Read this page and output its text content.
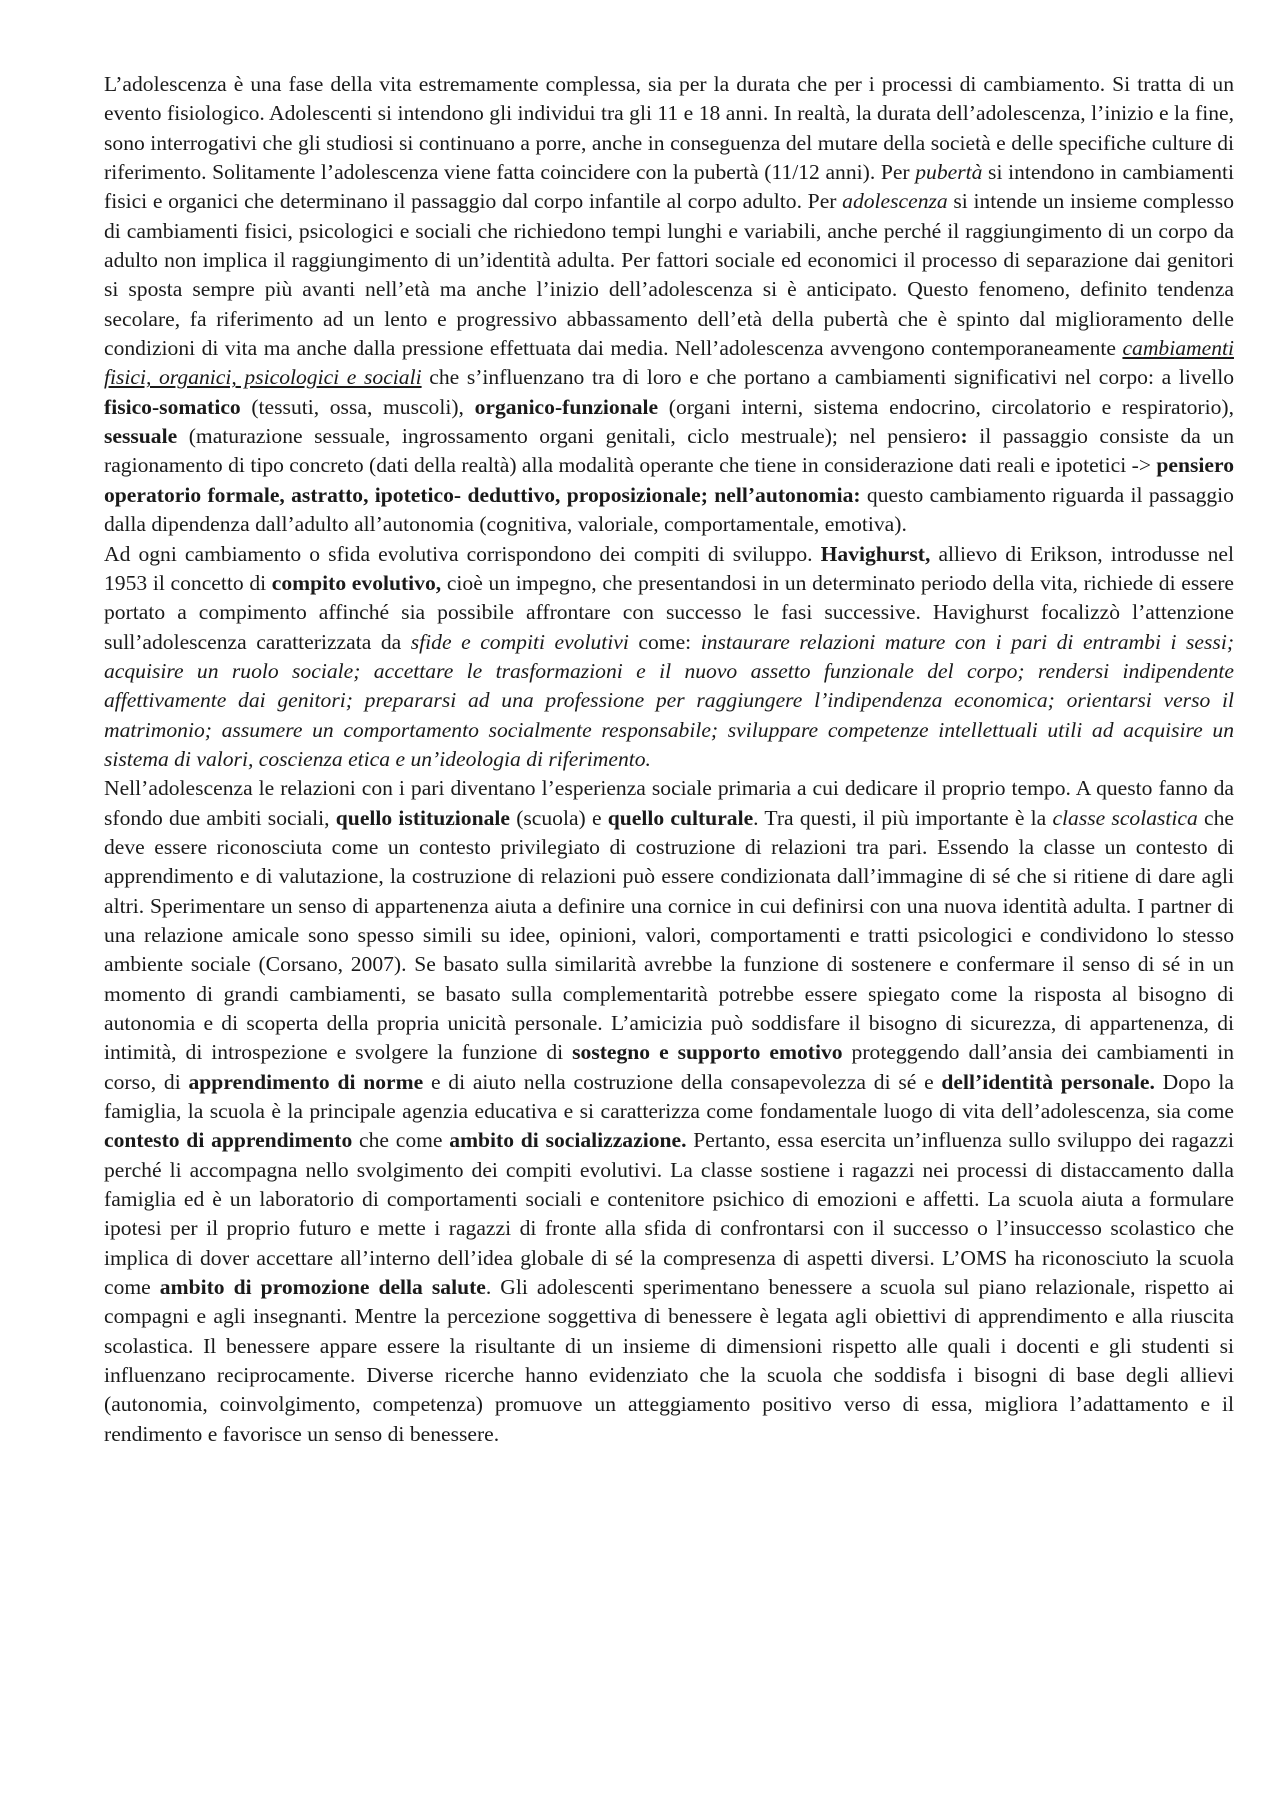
L’adolescenza è una fase della vita estremamente complessa, sia per la durata che per i processi di cambiamento. Si tratta di un evento fisiologico. Adolescenti si intendono gli individui tra gli 11 e 18 anni. In realtà, la durata dell’adolescenza, l’inizio e la fine, sono interrogativi che gli studiosi si continuano a porre, anche in conseguenza del mutare della società e delle specifiche culture di riferimento. Solitamente l’adolescenza viene fatta coincidere con la pubertà (11/12 anni). Per pubertà si intendono in cambiamenti fisici e organici che determinano il passaggio dal corpo infantile al corpo adulto. Per adolescenza si intende un insieme complesso di cambiamenti fisici, psicologici e sociali che richiedono tempi lunghi e variabili, anche perché il raggiungimento di un corpo da adulto non implica il raggiungimento di un’identità adulta. Per fattori sociale ed economici il processo di separazione dai genitori si sposta sempre più avanti nell’età ma anche l’inizio dell’adolescenza si è anticipato. Questo fenomeno, definito tendenza secolare, fa riferimento ad un lento e progressivo abbassamento dell’età della pubertà che è spinto dal miglioramento delle condizioni di vita ma anche dalla pressione effettuata dai media. Nell’adolescenza avvengono contemporaneamente cambiamenti fisici, organici, psicologici e sociali che s’influenzano tra di loro e che portano a cambiamenti significativi nel corpo: a livello fisico-somatico (tessuti, ossa, muscoli), organico-funzionale (organi interni, sistema endocrino, circolatorio e respiratorio), sessuale (maturazione sessuale, ingrossamento organi genitali, ciclo mestruale); nel pensiero: il passaggio consiste da un ragionamento di tipo concreto (dati della realtà) alla modalità operante che tiene in considerazione dati reali e ipotetici -> pensiero operatorio formale, astratto, ipotetico- deduttivo, proposizionale; nell’autonomia: questo cambiamento riguarda il passaggio dalla dipendenza dall’adulto all’autonomia (cognitiva, valoriale, comportamentale, emotiva).

Ad ogni cambiamento o sfida evolutiva corrispondono dei compiti di sviluppo. Havighurst, allievo di Erikson, introdusse nel 1953 il concetto di compito evolutivo, cioè un impegno, che presentandosi in un determinato periodo della vita, richiede di essere portato a compimento affinché sia possibile affrontare con successo le fasi successive. Havighurst focalizzò l’attenzione sull’adolescenza caratterizzata da sfide e compiti evolutivi come: instaurare relazioni mature con i pari di entrambi i sessi; acquisire un ruolo sociale; accettare le trasformazioni e il nuovo assetto funzionale del corpo; rendersi indipendente affettivamente dai genitori; prepararsi ad una professione per raggiungere l’indipendenza economica; orientarsi verso il matrimonio; assumere un comportamento socialmente responsabile; sviluppare competenze intellettuali utili ad acquisire un sistema di valori, coscienza etica e un’ideologia di riferimento.

Nell’adolescenza le relazioni con i pari diventano l’esperienza sociale primaria a cui dedicare il proprio tempo. A questo fanno da sfondo due ambiti sociali, quello istituzionale (scuola) e quello culturale. Tra questi, il più importante è la classe scolastica che deve essere riconosciuta come un contesto privilegiato di costruzione di relazioni tra pari. Essendo la classe un contesto di apprendimento e di valutazione, la costruzione di relazioni può essere condizionata dall’immagine di sé che si ritiene di dare agli altri. Sperimentare un senso di appartenenza aiuta a definire una cornice in cui definirsi con una nuova identità adulta. I partner di una relazione amicale sono spesso simili su idee, opinioni, valori, comportamenti e tratti psicologici e condividono lo stesso ambiente sociale (Corsano, 2007). Se basato sulla similarità avrebbe la funzione di sostenere e confermare il senso di sé in un momento di grandi cambiamenti, se basato sulla complementarità potrebbe essere spiegato come la risposta al bisogno di autonomia e di scoperta della propria unicità personale. L’amicizia può soddisfare il bisogno di sicurezza, di appartenenza, di intimità, di introspezione e svolgere la funzione di sostegno e supporto emotivo proteggendo dall’ansia dei cambiamenti in corso, di apprendimento di norme e di aiuto nella costruzione della consapevolezza di sé e dell’identità personale. Dopo la famiglia, la scuola è la principale agenzia educativa e si caratterizza come fondamentale luogo di vita dell’adolescenza, sia come contesto di apprendimento che come ambito di socializzazione. Pertanto, essa esercita un’influenza sullo sviluppo dei ragazzi perché li accompagna nello svolgimento dei compiti evolutivi. La classe sostiene i ragazzi nei processi di distaccamento dalla famiglia ed è un laboratorio di comportamenti sociali e contenitore psichico di emozioni e affetti. La scuola aiuta a formulare ipotesi per il proprio futuro e mette i ragazzi di fronte alla sfida di confrontarsi con il successo o l’insuccesso scolastico che implica di dover accettare all’interno dell’idea globale di sé la compresenza di aspetti diversi. L’OMS ha riconosciuto la scuola come ambito di promozione della salute. Gli adolescenti sperimentano benessere a scuola sul piano relazionale, rispetto ai compagni e agli insegnanti. Mentre la percezione soggettiva di benessere è legata agli obiettivi di apprendimento e alla riuscita scolastica. Il benessere appare essere la risultante di un insieme di dimensioni rispetto alle quali i docenti e gli studenti si influenzano reciprocamente. Diverse ricerche hanno evidenziato che la scuola che soddisfa i bisogni di base degli allievi (autonomia, coinvolgimento, competenza) promuove un atteggiamento positivo verso di essa, migliora l’adattamento e il rendimento e favorisce un senso di benessere.
